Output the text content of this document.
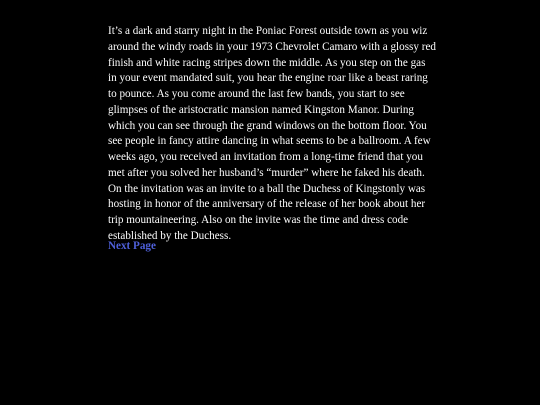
It’s a dark and starry night in the Poniac Forest outside town as you wiz
around the windy roads in your 1973 Chevrolet Camaro with a glossy red
finish and white racing stripes down the middle. As you step on the gas
in your event mandated suit, you hear the engine roar like a beast raring
to pounce. As you come around the last few bands, you start to see
glimpses of the aristocratic mansion named Kingston Manor. During
which you can see through the grand windows on the bottom floor. You
see people in fancy attire dancing in what seems to be a ballroom. A few
weeks ago, you received an invitation from a long-time friend that you
met after you solved her husband’s “murder” where he faked his death.
On the invitation was an invite to a ball the Duchess of Kingstonly was
hosting in honor of the anniversary of the release of her book about her
trip mountaineering. Also on the invite was the time and dress code
established by the Duchess.

Next Page
